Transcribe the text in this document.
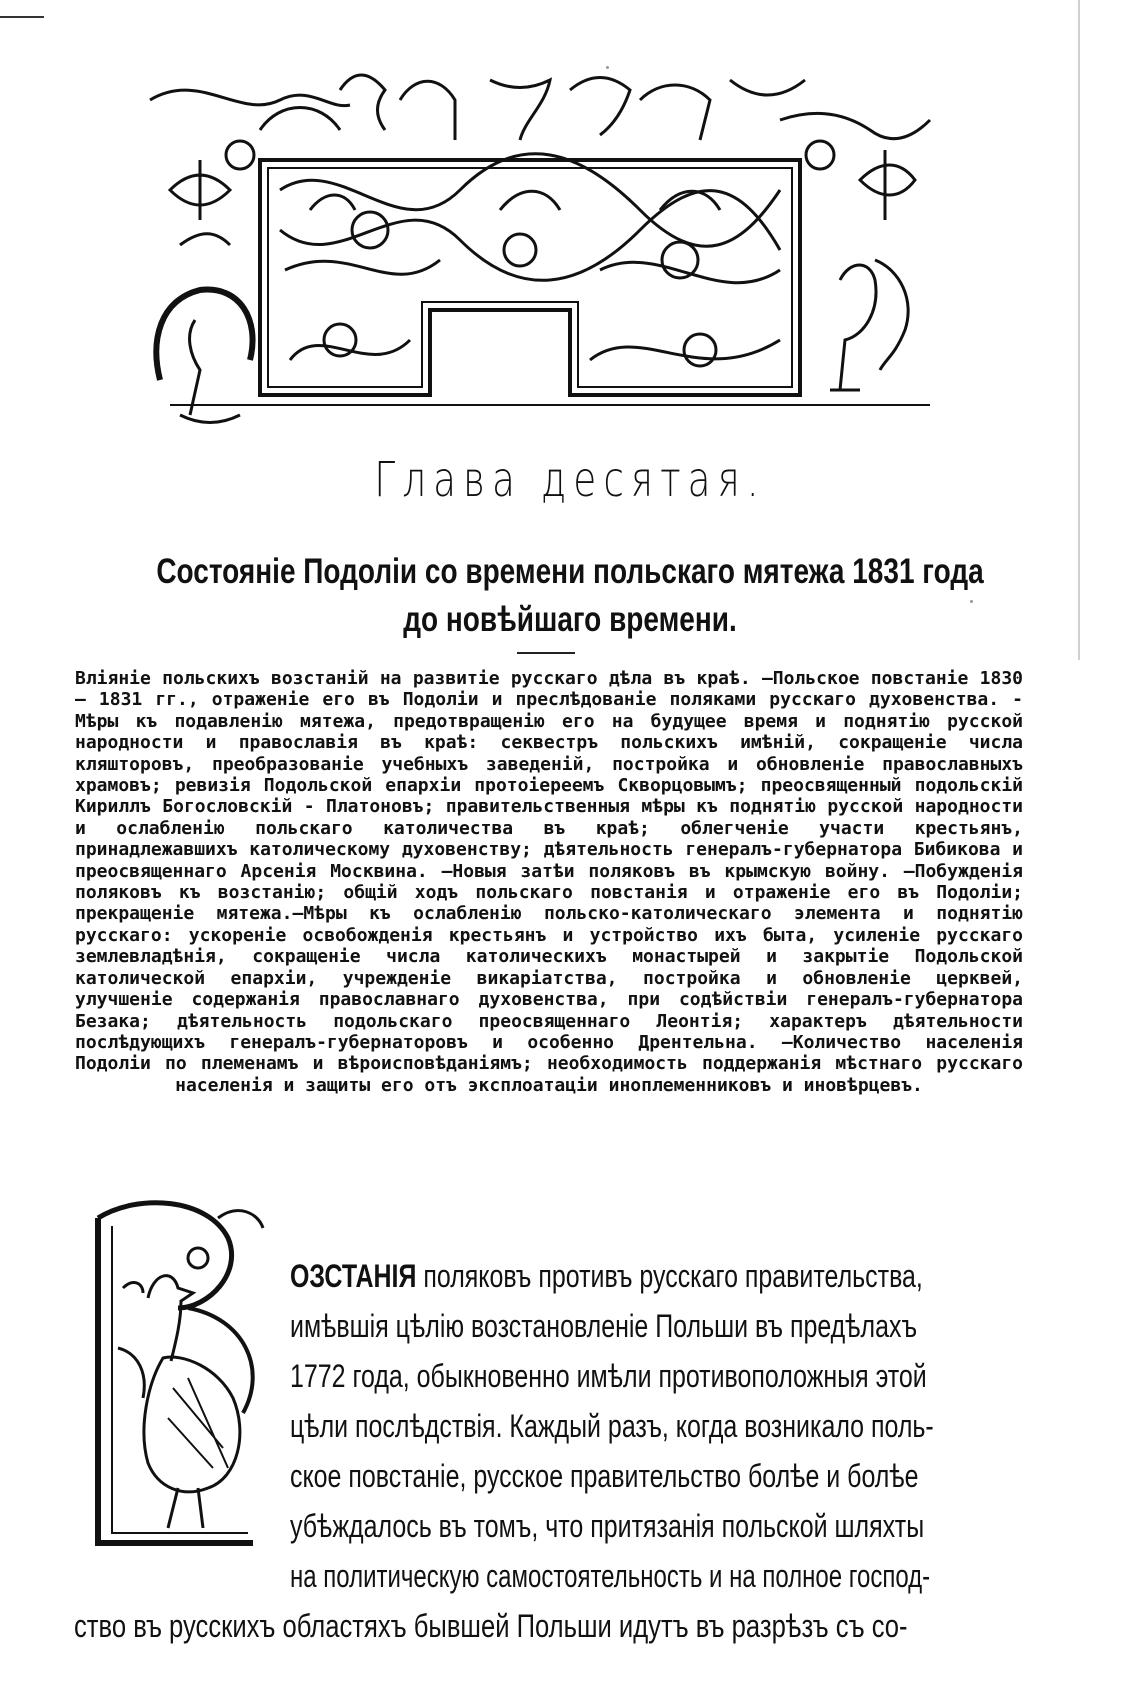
Глава десятая.
Состояніе Подоліи со времени польскаго мятежа 1831 года
до новѣйшаго времени.

Вліяніе польскихъ возстаній на развитіе русскаго дѣла въ краѣ. —Польское повстаніе 1830 — 1831 гг., отраженіе его въ Подоліи и преслѣдованіе поляками русскаго духовенства. - Мѣры къ подавленію мятежа, предотвращенію его на будущее время и поднятію русской народности и православія въ краѣ: секвестръ польскихъ имѣній, сокращеніе числа кляшторовъ, преобразованіе учебныхъ заведеній, постройка и обновленіе православныхъ храмовъ; ревизія Подольской епархіи протоіереемъ Скворцовымъ; преосвященный подольскій Кириллъ Богословскій - Платоновъ; правительственныя мѣры къ поднятію русской народности и ослабленію польскаго католичества въ краѣ; облегченіе участи крестьянъ, принадлежавшихъ католическому духовенству; дѣятельность генералъ-губернатора Бибикова и преосвященнаго Арсенія Москвина. —Новыя затѣи поляковъ въ крымскую войну. —Побужденія поляковъ къ возстанію; общій ходъ польскаго повстанія и отраженіе его въ Подоліи; прекращеніе мятежа.—Мѣры къ ослабленію польско-католическаго элемента и поднятію русскаго: ускореніе освобожденія крестьянъ и устройство ихъ быта, усиленіе русскаго землевладѣнія, сокращеніе числа католическихъ монастырей и закрытіе Подольской католической епархіи, учрежденіе викаріатства, постройка и обновленіе церквей, улучшеніе содержанія православнаго духовенства, при содѣйствіи генералъ-губернатора Безака; дѣятельность подольскаго преосвященнаго Леонтія; характеръ дѣятельности послѣдующихъ генералъ-губернаторовъ и особенно Дрентельна. —Количество населенія Подоліи по племенамъ и вѣроисповѣданіямъ; необходимость поддержанія мѣстнаго русскаго населенія и защиты его отъ эксплоатаціи иноплеменниковъ и иновѣрцевъ.

ОЗСТАНІЯ поляковъ противъ русскаго правительства,

имѣвшія цѣлію возстановленіе Польши въ предѣлахъ

1772 года, обыкновенно имѣли противоположныя этой

цѣли послѣдствія. Каждый разъ, когда возникало поль-

ское повстаніе, русское правительство болѣе и болѣе

убѣждалось въ томъ, что притязанія польской шляхты

на политическую самостоятельность и на полное господ-

ство въ русскихъ областяхъ бывшей Польши идутъ въ разрѣзъ съ со-
